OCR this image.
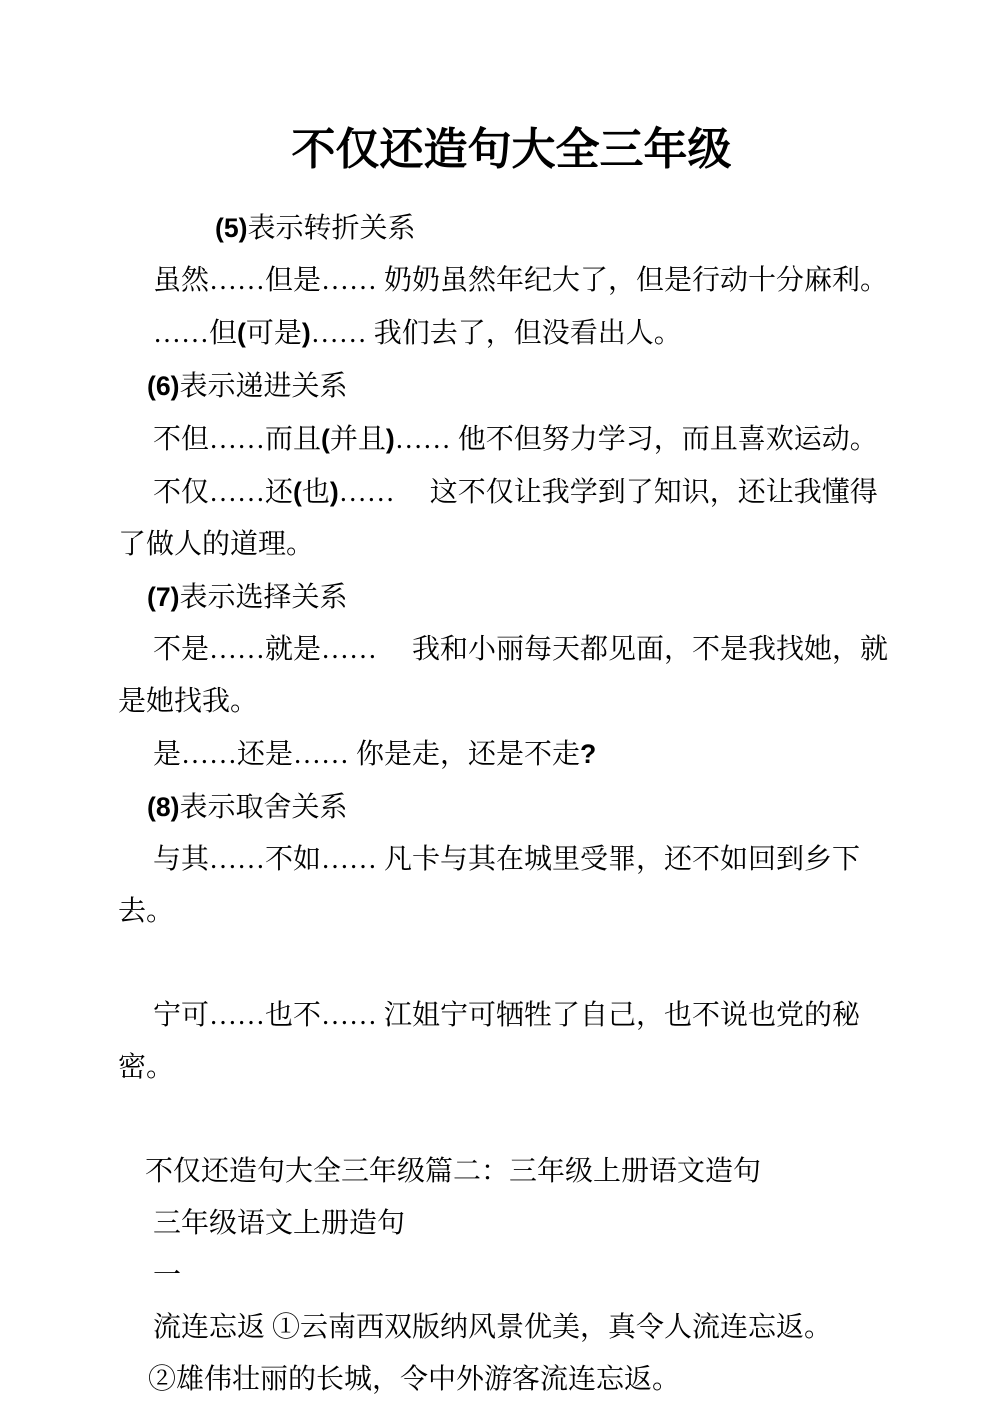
不仅还造句大全三年级

(5)表示转折关系

虽然……但是…… 奶奶虽然年纪大了，但是行动十分麻利。

……但(可是)…… 我们去了，但没看出人。

(6)表示递进关系

不但……而且(并且)…… 他不但努力学习，而且喜欢运动。

不仅……还(也)……　 这不仅让我学到了知识，还让我懂得了做人的道理。

(7)表示选择关系

不是……就是……　 我和小丽每天都见面，不是我找她，就是她找我。

是……还是…… 你是走，还是不走?

(8)表示取舍关系

与其……不如…… 凡卡与其在城里受罪，还不如回到乡下去。

宁可……也不…… 江姐宁可牺牲了自己，也不说也党的秘密。

不仅还造句大全三年级篇二：三年级上册语文造句

三年级语文上册造句

一

流连忘返 ①云南西双版纳风景优美，真令人流连忘返。

②雄伟壮丽的长城，令中外游客流连忘返。
